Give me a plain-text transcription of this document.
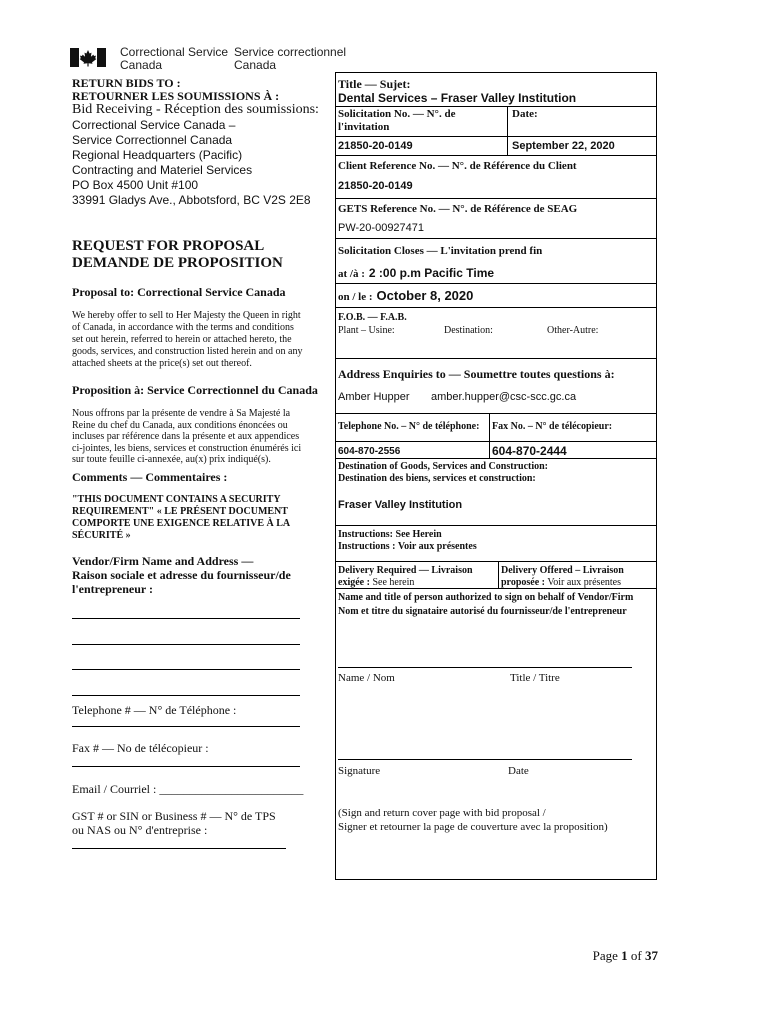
Correctional Service
Canada
Service correctionnel
Canada
RETURN BIDS TO :
RETOURNER LES SOUMISSIONS À :
Bid Receiving - Réception des soumissions:
Correctional Service Canada –
Service Correctionnel Canada
Regional Headquarters (Pacific)
Contracting and Materiel Services
PO Box 4500 Unit #100
33991 Gladys Ave., Abbotsford, BC V2S 2E8
REQUEST FOR PROPOSAL
DEMANDE DE PROPOSITION
Proposal to: Correctional Service Canada
We hereby offer to sell to Her Majesty the Queen in right
of Canada, in accordance with the terms and conditions
set out herein, referred to herein or attached hereto, the
goods, services, and construction listed herein and on any
attached sheets at the price(s) set out thereof.
Proposition à: Service Correctionnel du Canada
Nous offrons par la présente de vendre à Sa Majesté la
Reine du chef du Canada, aux conditions énoncées ou
incluses par référence dans la présente et aux appendices
ci-jointes, les biens, services et construction énumérés ici
sur toute feuille ci-annexée, au(x) prix indiqué(s).
Comments — Commentaires :
"THIS DOCUMENT CONTAINS A SECURITY
REQUIREMENT" « LE PRÉSENT DOCUMENT
COMPORTE UNE EXIGENCE RELATIVE À LA
SÉCURITÉ »
Vendor/Firm Name and Address —
Raison sociale et adresse du fournisseur/de
l'entrepreneur :
Telephone # — N° de Téléphone :
Fax # — No de télécopieur :
Email / Courriel : ________________________
GST # or SIN or Business # — N° de TPS
ou NAS ou N° d'entreprise :
Title — Sujet:
Dental Services – Fraser Valley Institution
Solicitation No. — N°. de
l'invitation
Date:
21850-20-0149	September 22, 2020
Client Reference No. — N°. de Référence du Client
21850-20-0149
GETS Reference No. — N°. de Référence de SEAG
PW-20-00927471
Solicitation Closes — L'invitation prend fin
at /à : 2 :00 p.m Pacific Time
on / le : October 8, 2020
F.O.B. — F.A.B.
Plant – Usine:	Destination:	Other-Autre:
Address Enquiries to — Soumettre toutes questions à:
Amber Hupper amber.hupper@csc-scc.gc.ca
Telephone No. – N° de téléphone: Fax No. – N° de télécopieur:
604-870-2556	604-870-2444
Destination of Goods, Services and Construction:
Destination des biens, services et construction:
Fraser Valley Institution
Instructions: See Herein
Instructions : Voir aux présentes
Delivery Required — Livraison
exigée : See herein
Delivery Offered – Livraison
proposée : Voir aux présentes
Name and title of person authorized to sign on behalf of Vendor/Firm
Nom et titre du signataire autorisé du fournisseur/de l'entrepreneur
Name / Nom	Title / Titre
Signature	Date
(Sign and return cover page with bid proposal /
Signer et retourner la page de couverture avec la proposition)
Page 1 of 37
